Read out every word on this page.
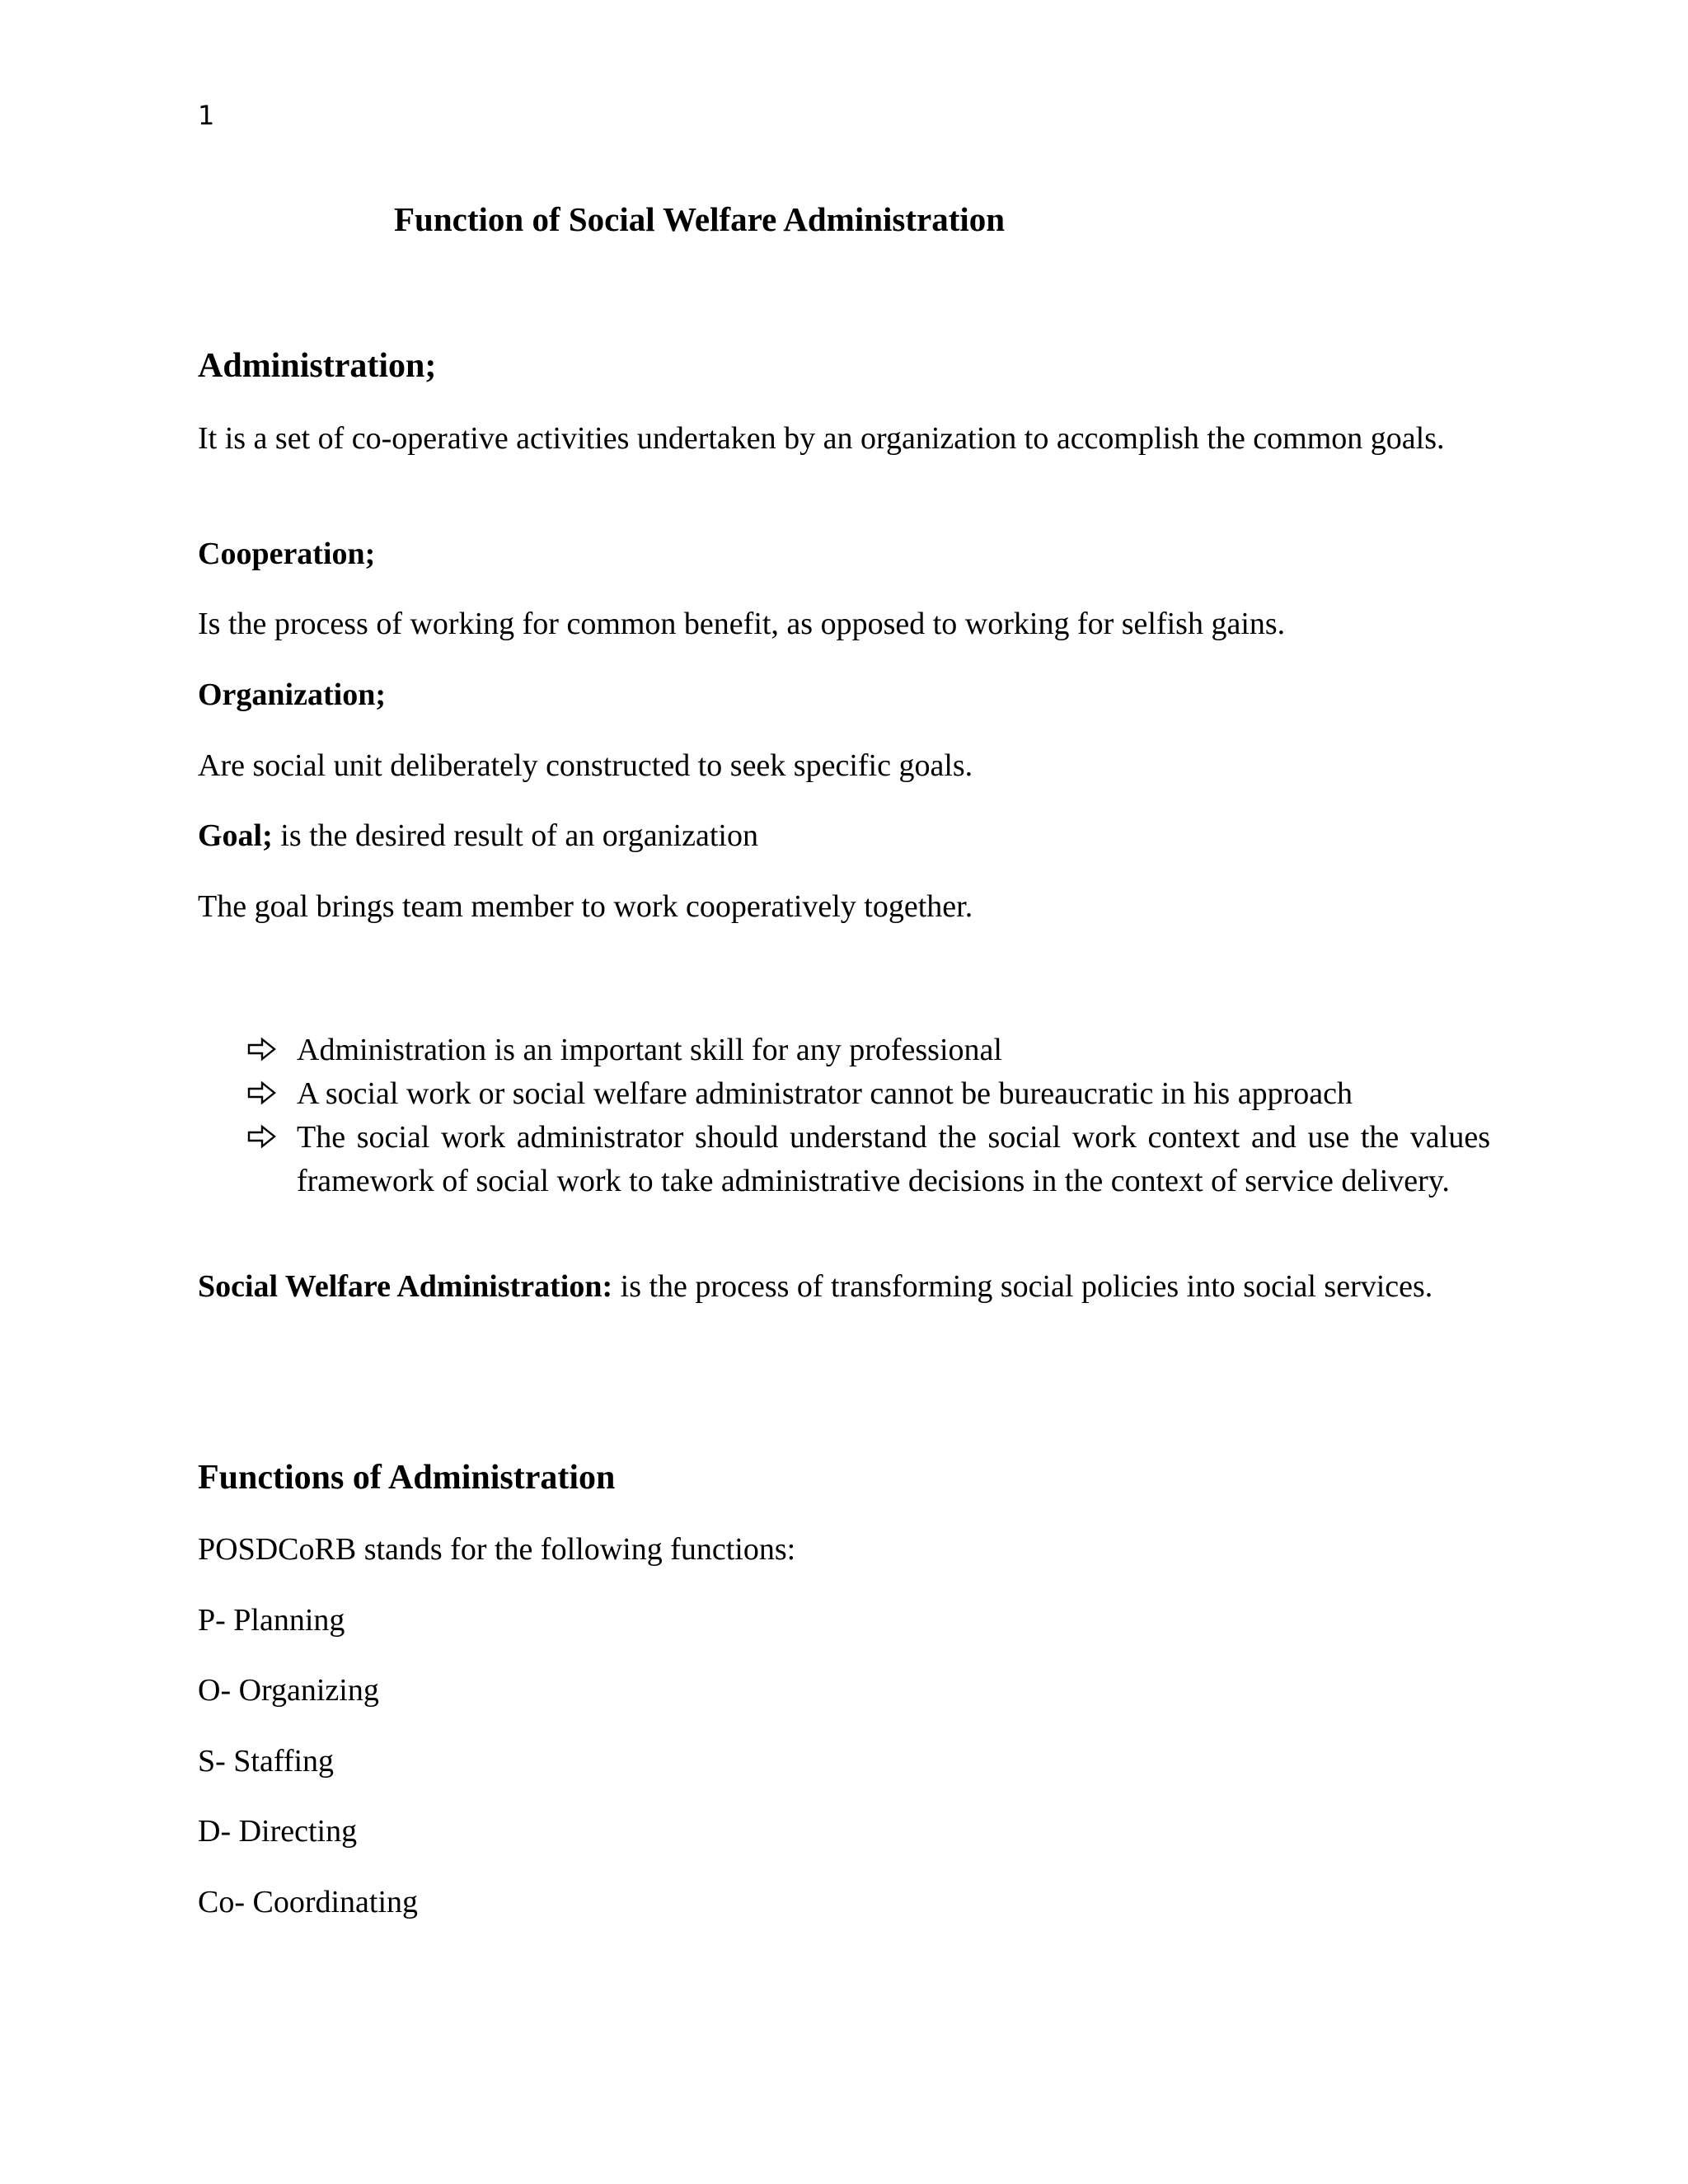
1
Function of Social Welfare Administration
Administration;
It is a set of co-operative activities undertaken by an organization to accomplish the common goals.
Cooperation;
Is the process of working for common benefit, as opposed to working for selfish gains.
Organization;
Are social unit deliberately constructed to seek specific goals.
Goal; is the desired result of an organization
The goal brings team member to work cooperatively together.
Administration is an important skill for any professional
A social work or social welfare administrator cannot be bureaucratic in his approach
The social work administrator should understand the social work context and use the values framework of social work to take administrative decisions in the context of service delivery.
Social Welfare Administration: is the process of transforming social policies into social services.
Functions of Administration
POSDCoRB stands for the following functions:
P- Planning
O- Organizing
S- Staffing
D- Directing
Co- Coordinating
